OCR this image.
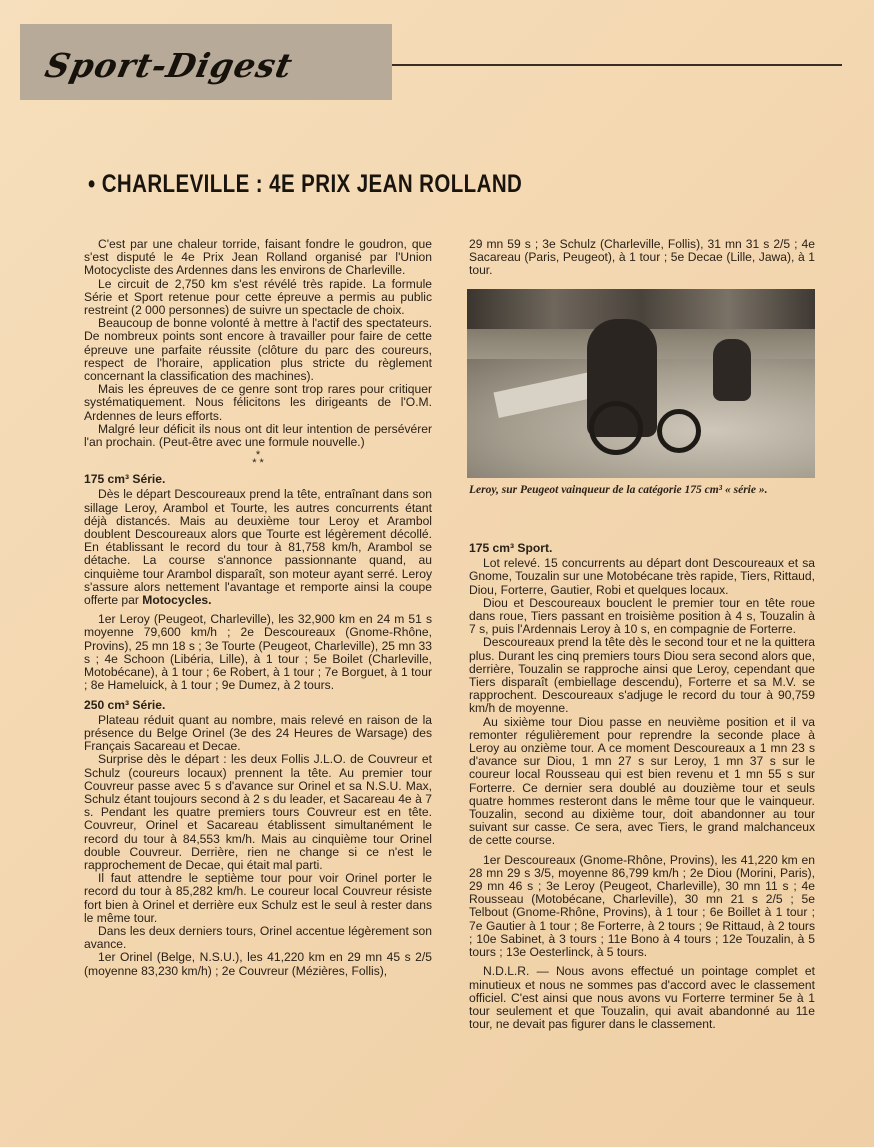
Sport-Digest
• CHARLEVILLE : 4E PRIX JEAN ROLLAND

C'est par une chaleur torride, faisant fondre le goudron, que s'est disputé le 4e Prix Jean Rolland organisé par l'Union Motocycliste des Ardennes dans les environs de Charleville.

Le circuit de 2,750 km s'est révélé très rapide. La formule Série et Sport retenue pour cette épreuve a permis au public restreint (2 000 personnes) de suivre un spectacle de choix.

Beaucoup de bonne volonté à mettre à l'actif des spectateurs. De nombreux points sont encore à travailler pour faire de cette épreuve une parfaite réussite (clôture du parc des coureurs, respect de l'horaire, application plus stricte du règlement concernant la classification des machines).

Mais les épreuves de ce genre sont trop rares pour critiquer systématiquement. Nous félicitons les dirigeants de l'O.M. Ardennes de leurs efforts.

Malgré leur déficit ils nous ont dit leur intention de persévérer l'an prochain. (Peut-être avec une formule nouvelle.)

*
* *

175 cm³ Série.

Dès le départ Descoureaux prend la tête, entraînant dans son sillage Leroy, Arambol et Tourte, les autres concurrents étant déjà distancés. Mais au deuxième tour Leroy et Arambol doublent Descoureaux alors que Tourte est légèrement décollé. En établissant le record du tour à 81,758 km/h, Arambol se détache. La course s'annonce passionnante quand, au cinquième tour Arambol disparaît, son moteur ayant serré. Leroy s'assure alors nettement l'avantage et remporte ainsi la coupe offerte par Motocycles.

1er Leroy (Peugeot, Charleville), les 32,900 km en 24 m 51 s moyenne 79,600 km/h ; 2e Descoureaux (Gnome-Rhône, Provins), 25 mn 18 s ; 3e Tourte (Peugeot, Charleville), 25 mn 33 s ; 4e Schoon (Libéria, Lille), à 1 tour ; 5e Boilet (Charleville, Motobécane), à 1 tour ; 6e Robert, à 1 tour ; 7e Borguet, à 1 tour ; 8e Hameluick, à 1 tour ; 9e Dumez, à 2 tours.

250 cm³ Série.

Plateau réduit quant au nombre, mais relevé en raison de la présence du Belge Orinel (3e des 24 Heures de Warsage) des Français Sacareau et Decae.

Surprise dès le départ : les deux Follis J.L.O. de Couvreur et Schulz (coureurs locaux) prennent la tête. Au premier tour Couvreur passe avec 5 s d'avance sur Orinel et sa N.S.U. Max, Schulz étant toujours second à 2 s du leader, et Sacareau 4e à 7 s. Pendant les quatre premiers tours Couvreur est en tête. Couvreur, Orinel et Sacareau établissent simultanément le record du tour à 84,553 km/h. Mais au cinquième tour Orinel double Couvreur. Derrière, rien ne change si ce n'est le rapprochement de Decae, qui était mal parti.

Il faut attendre le septième tour pour voir Orinel porter le record du tour à 85,282 km/h. Le coureur local Couvreur résiste fort bien à Orinel et derrière eux Schulz est le seul à rester dans le même tour.

Dans les deux derniers tours, Orinel accentue légèrement son avance.

1er Orinel (Belge, N.S.U.), les 41,220 km en 29 mn 45 s 2/5 (moyenne 83,230 km/h) ; 2e Couvreur (Mézières, Follis),

29 mn 59 s ; 3e Schulz (Charleville, Follis), 31 mn 31 s 2/5 ; 4e Sacareau (Paris, Peugeot), à 1 tour ; 5e Decae (Lille, Jawa), à 1 tour.

Leroy, sur Peugeot vainqueur de la catégorie 175 cm³ « série ».

175 cm³ Sport.

Lot relevé. 15 concurrents au départ dont Descoureaux et sa Gnome, Touzalin sur une Motobécane très rapide, Tiers, Rittaud, Diou, Forterre, Gautier, Robi et quelques locaux.

Diou et Descoureaux bouclent le premier tour en tête roue dans roue, Tiers passant en troisième position à 4 s, Touzalin à 7 s, puis l'Ardennais Leroy à 10 s, en compagnie de Forterre.

Descoureaux prend la tête dès le second tour et ne la quittera plus. Durant les cinq premiers tours Diou sera second alors que, derrière, Touzalin se rapproche ainsi que Leroy, cependant que Tiers disparaît (embiellage descendu), Forterre et sa M.V. se rapprochent. Descoureaux s'adjuge le record du tour à 90,759 km/h de moyenne.

Au sixième tour Diou passe en neuvième position et il va remonter régulièrement pour reprendre la seconde place à Leroy au onzième tour. A ce moment Descoureaux a 1 mn 23 s d'avance sur Diou, 1 mn 27 s sur Leroy, 1 mn 37 s sur le coureur local Rousseau qui est bien revenu et 1 mn 55 s sur Forterre. Ce dernier sera doublé au douzième tour et seuls quatre hommes resteront dans le même tour que le vainqueur. Touzalin, second au dixième tour, doit abandonner au tour suivant sur casse. Ce sera, avec Tiers, le grand malchanceux de cette course.

1er Descoureaux (Gnome-Rhône, Provins), les 41,220 km en 28 mn 29 s 3/5, moyenne 86,799 km/h ; 2e Diou (Morini, Paris), 29 mn 46 s ; 3e Leroy (Peugeot, Charleville), 30 mn 11 s ; 4e Rousseau (Motobécane, Charleville), 30 mn 21 s 2/5 ; 5e Telbout (Gnome-Rhône, Provins), à 1 tour ; 6e Boillet à 1 tour ; 7e Gautier à 1 tour ; 8e Forterre, à 2 tours ; 9e Rittaud, à 2 tours ; 10e Sabinet, à 3 tours ; 11e Bono à 4 tours ; 12e Touzalin, à 5 tours ; 13e Oesterlinck, à 5 tours.

N.D.L.R. — Nous avons effectué un pointage complet et minutieux et nous ne sommes pas d'accord avec le classement officiel. C'est ainsi que nous avons vu Forterre terminer 5e à 1 tour seulement et que Touzalin, qui avait abandonné au 11e tour, ne devait pas figurer dans le classement.
